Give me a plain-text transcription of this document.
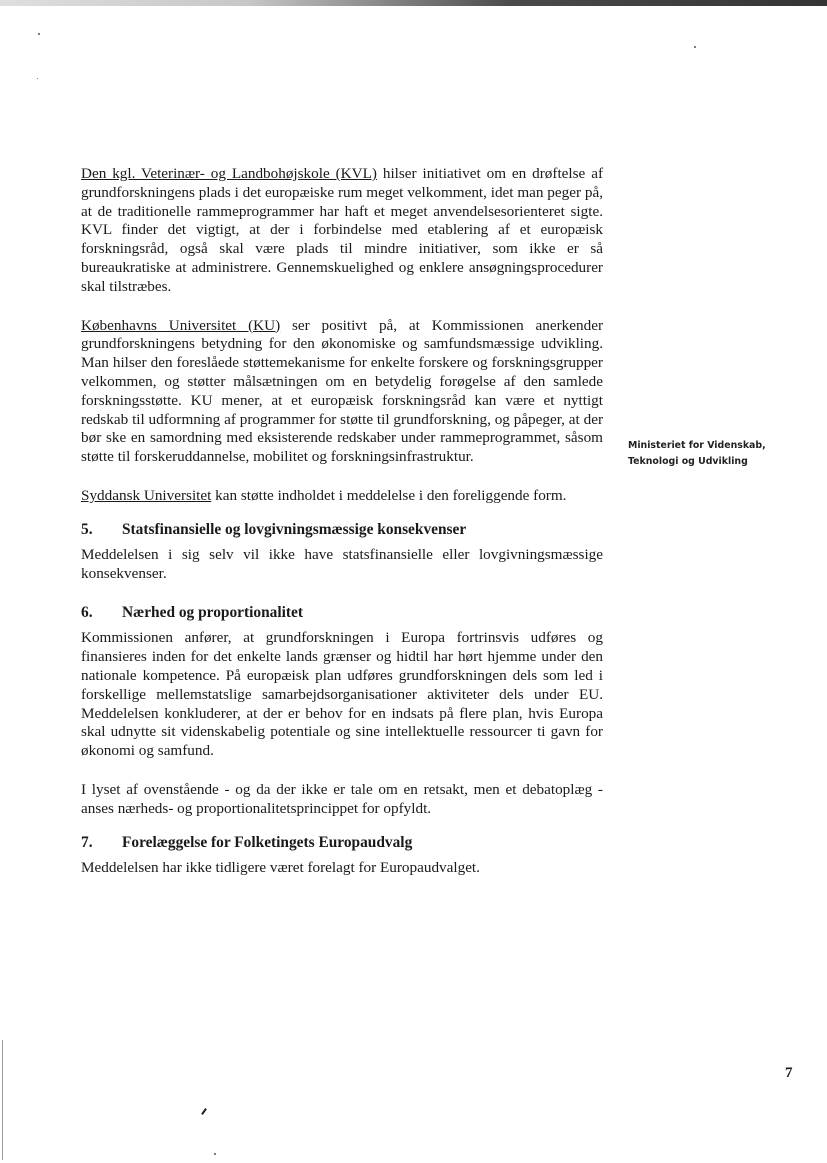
Den kgl. Veterinær- og Landbohøjskole (KVL) hilser initiativet om en drøftelse af grundforskningens plads i det europæiske rum meget velkomment, idet man peger på, at de traditionelle rammeprogrammer har haft et meget anvendelsesorienteret sigte. KVL finder det vigtigt, at der i forbindelse med etablering af et europæisk forskningsråd, også skal være plads til mindre initiativer, som ikke er så bureaukratiske at administrere. Gennemskuelighed og enklere ansøgningsprocedurer skal tilstræbes.

Københavns Universitet (KU) ser positivt på, at Kommissionen anerkender grundforskningens betydning for den økonomiske og samfundsmæssige udvikling. Man hilser den foreslåede støttemekanisme for enkelte forskere og forskningsgrupper velkommen, og støtter målsætningen om en betydelig forøgelse af den samlede forskningsstøtte. KU mener, at et europæisk forskningsråd kan være et nyttigt redskab til udformning af programmer for støtte til grundforskning, og påpeger, at der bør ske en samordning med eksisterende redskaber under rammeprogrammet, såsom støtte til forskeruddannelse, mobilitet og forskningsinfrastruktur.

Syddansk Universitet kan støtte indholdet i meddelelse i den foreliggende form.

5.	Statsfinansielle og lovgivningsmæssige konsekvenser

Meddelelsen i sig selv vil ikke have statsfinansielle eller lovgivningsmæssige konsekvenser.

6.	Nærhed og proportionalitet

Kommissionen anfører, at grundforskningen i Europa fortrinsvis udføres og finansieres inden for det enkelte lands grænser og hidtil har hørt hjemme under den nationale kompetence. På europæisk plan udføres grundforskningen dels som led i forskellige mellemstatslige samarbejdsorganisationer aktiviteter dels under EU. Meddelelsen konkluderer, at der er behov for en indsats på flere plan, hvis Europa skal udnytte sit videnskabelig potentiale og sine intellektuelle ressourcer ti gavn for økonomi og samfund.

I lyset af ovenstående - og da der ikke er tale om en retsakt, men et debatoplæg - anses nærheds- og proportionalitetsprincippet for opfyldt.

7.	Forelæggelse for Folketingets Europaudvalg

Meddelelsen har ikke tidligere været forelagt for Europaudvalget.

Ministeriet for Videnskab,
Teknologi og Udvikling
7
